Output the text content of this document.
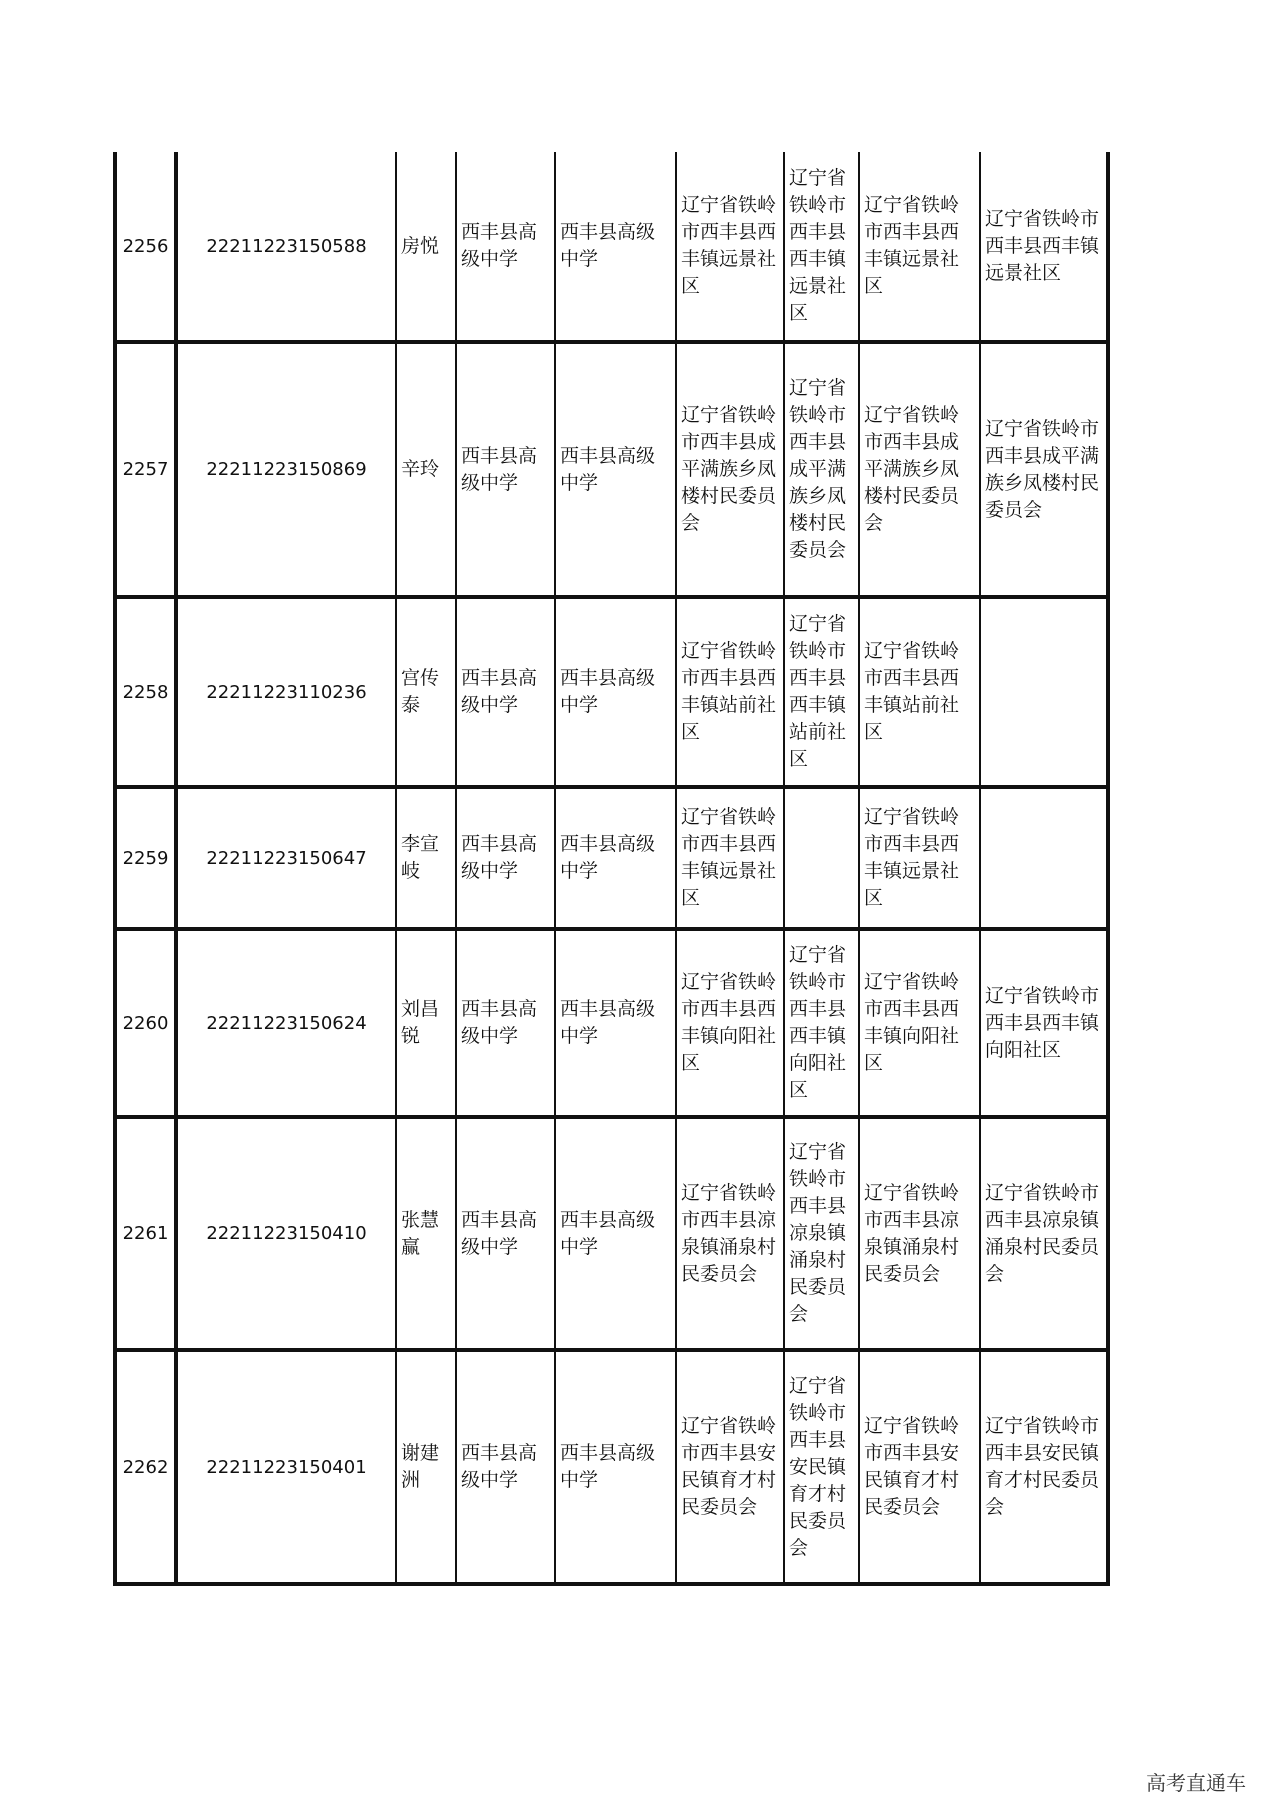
2256	22211223150588	房悦	西丰县高级中学	西丰县高级中学	辽宁省铁岭市西丰县西丰镇远景社区	辽宁省铁岭市西丰县西丰镇远景社区	辽宁省铁岭市西丰县西丰镇远景社区	辽宁省铁岭市西丰县西丰镇远景社区
2257	22211223150869	辛玲	西丰县高级中学	西丰县高级中学	辽宁省铁岭市西丰县成平满族乡凤楼村民委员会	辽宁省铁岭市西丰县成平满族乡凤楼村民委员会	辽宁省铁岭市西丰县成平满族乡凤楼村民委员会	辽宁省铁岭市西丰县成平满族乡凤楼村民委员会
2258	22211223110236	宫传泰	西丰县高级中学	西丰县高级中学	辽宁省铁岭市西丰县西丰镇站前社区	辽宁省铁岭市西丰县西丰镇站前社区	辽宁省铁岭市西丰县西丰镇站前社区	
2259	22211223150647	李宣岐	西丰县高级中学	西丰县高级中学	辽宁省铁岭市西丰县西丰镇远景社区		辽宁省铁岭市西丰县西丰镇远景社区	
2260	22211223150624	刘昌锐	西丰县高级中学	西丰县高级中学	辽宁省铁岭市西丰县西丰镇向阳社区	辽宁省铁岭市西丰县西丰镇向阳社区	辽宁省铁岭市西丰县西丰镇向阳社区	辽宁省铁岭市西丰县西丰镇向阳社区
2261	22211223150410	张慧赢	西丰县高级中学	西丰县高级中学	辽宁省铁岭市西丰县凉泉镇涌泉村民委员会	辽宁省铁岭市西丰县凉泉镇涌泉村民委员会	辽宁省铁岭市西丰县凉泉镇涌泉村民委员会	辽宁省铁岭市西丰县凉泉镇涌泉村民委员会
2262	22211223150401	谢建洲	西丰县高级中学	西丰县高级中学	辽宁省铁岭市西丰县安民镇育才村民委员会	辽宁省铁岭市西丰县安民镇育才村民委员会	辽宁省铁岭市西丰县安民镇育才村民委员会	辽宁省铁岭市西丰县安民镇育才村民委员会
高考直通车
